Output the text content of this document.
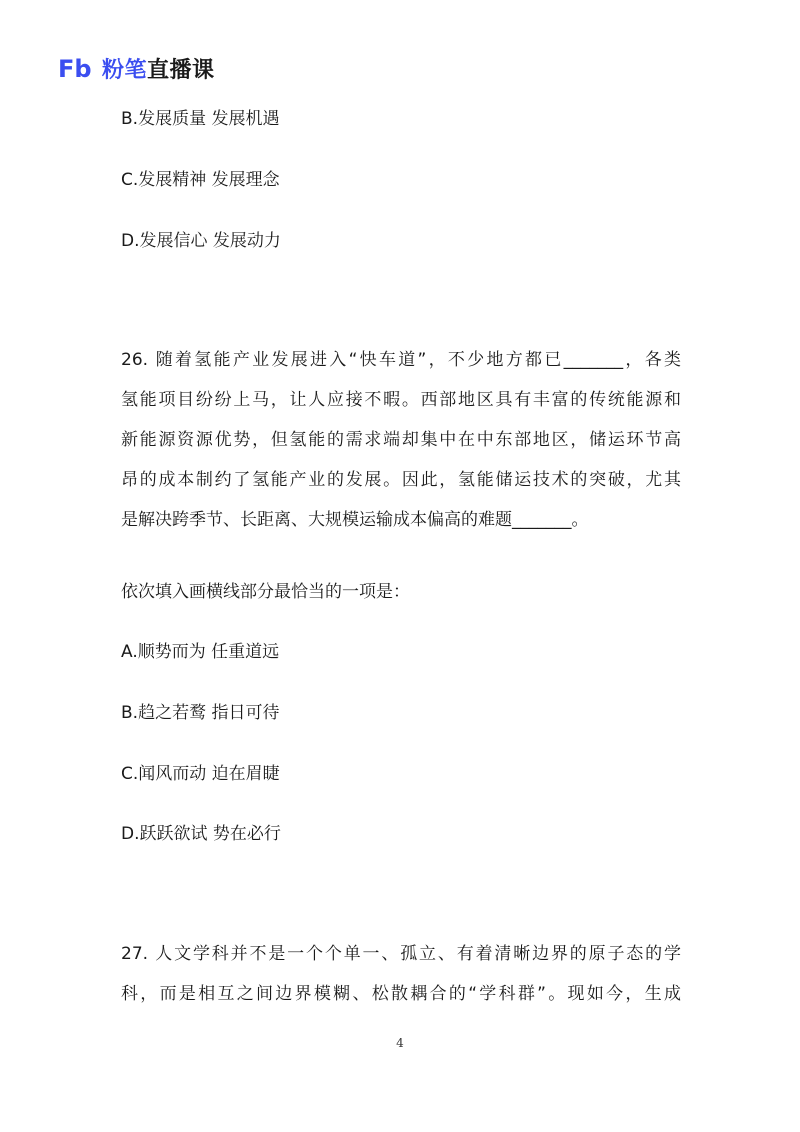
Fb 粉笔 直播课
B.发展质量 发展机遇
C.发展精神 发展理念
D.发展信心 发展动力
26. 随着氢能产业发展进入“快车道”，不少地方都已_______，各类
氢能项目纷纷上马，让人应接不暇。西部地区具有丰富的传统能源和
新能源资源优势，但氢能的需求端却集中在中东部地区，储运环节高
昂的成本制约了氢能产业的发展。因此，氢能储运技术的突破，尤其
是解决跨季节、长距离、大规模运输成本偏高的难题_______。
依次填入画横线部分最恰当的一项是：
A.顺势而为 任重道远
B.趋之若鹜 指日可待
C.闻风而动 迫在眉睫
D.跃跃欲试 势在必行
27. 人文学科并不是一个个单一、孤立、有着清晰边界的原子态的学
科，而是相互之间边界模糊、松散耦合的“学科群”。现如今，生成
4
